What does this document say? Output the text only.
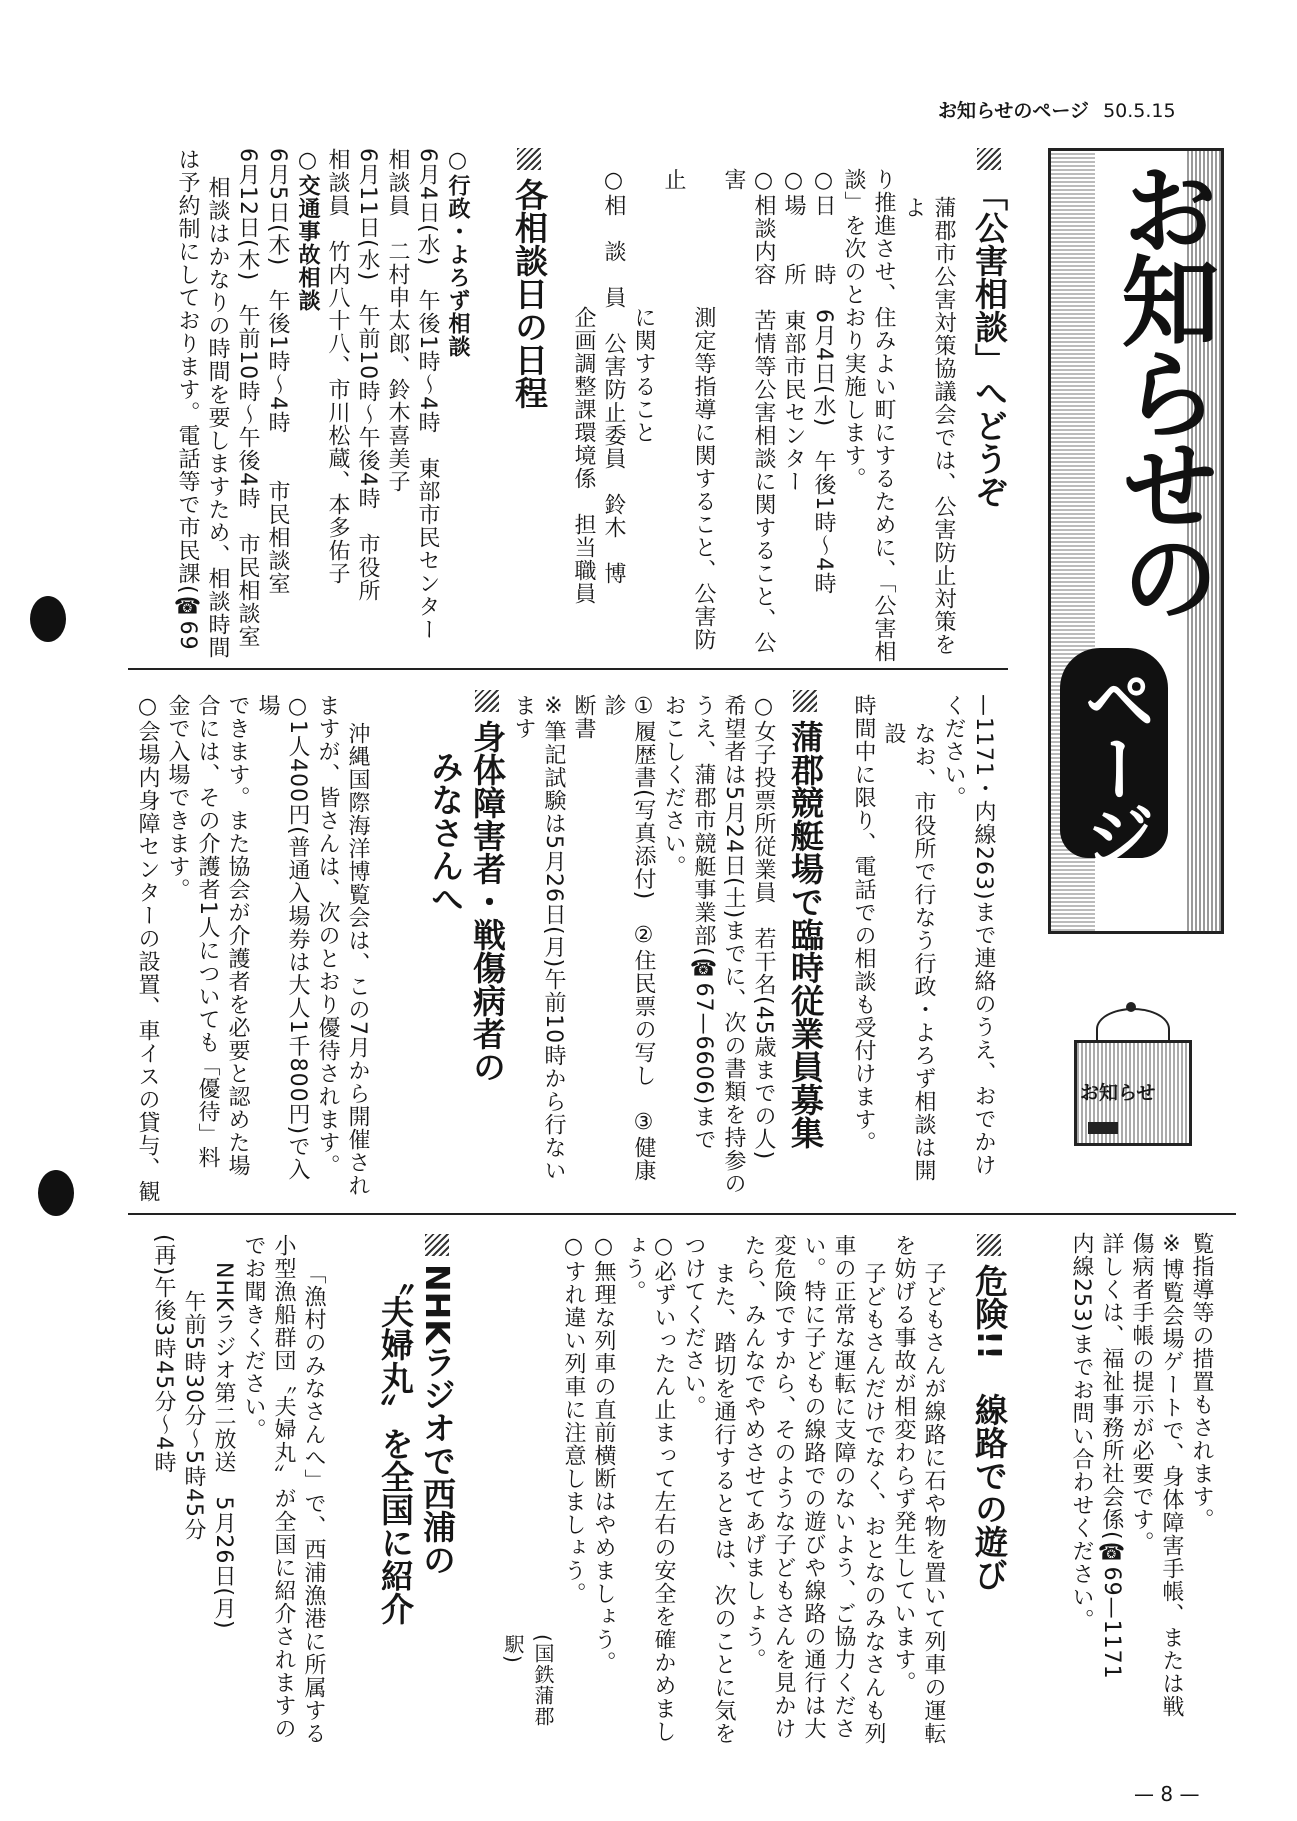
お知らせのページ 50.5.15
お知らせの
ページ
お知らせ
「公害相談」へどうぞ
蒲郡市公害対策協議会では、公害防止対策をよ
り推進させ、住みよい町にするために、「公害相
談」を次のとおり実施します。
○日　　時　6月4日(水)　午後1時〜4時
○場　　所　東部市民センター
○相談内容　苦情等公害相談に関すること、公害
　　　　　　測定等指導に関すること、公害防止
　　　　　　に関すること
○相　談　員　公害防止委員　鈴木　博
　　　　　　企画調整課環境係　担当職員
各相談日の日程
○行政・よろず相談
6月4日(水)　午後1時〜4時　東部市民センター
相談員　二村申太郎、鈴木喜美子
6月11日(水)　午前10時〜午後4時　市役所
相談員　竹内八十八、市川松蔵、本多佑子
○交通事故相談
6月5日(木)　午後1時〜4時　　市民相談室
6月12日(木)　午前10時〜午後4時　市民相談室
相談はかなりの時間を要しますため、相談時間
は予約制にしております。電話等で市民課(☎69
—1171・内線263)まで連絡のうえ、おでかけ
ください。
なお、市役所で行なう行政・よろず相談は開設
時間中に限り、電話での相談も受付けます。
蒲郡競艇場で臨時従業員募集
○女子投票所従業員　若干名(45歳までの人)
希望者は5月24日(土)までに、次の書類を持参の
うえ、蒲郡市競艇事業部(☎67—6606)まで
おこしください。
①履歴書(写真添付)　②住民票の写し　③健康診
断書
※筆記試験は5月26日(月)午前10時から行ないます
身体障害者・戦傷病者の
みなさんへ
沖縄国際海洋博覧会は、この7月から開催され
ますが、皆さんは、次のとおり優待されます。
○1人400円(普通入場券は大人1千800円)で入場
できます。また協会が介護者を必要と認めた場
合には、その介護者1人についても「優待」料
金で入場できます。
○会場内身障センターの設置、車イスの貸与、観
覧指導等の措置もされます。
※博覧会場ゲートで、身体障害手帳、または戦
傷病者手帳の提示が必要です。
詳しくは、福祉事務所社会係(☎69—1171
内線253)までお問い合わせください。
危険!!　線路での遊び
子どもさんが線路に石や物を置いて列車の運転
を妨げる事故が相変わらず発生しています。
子どもさんだけでなく、おとなのみなさんも列
車の正常な運転に支障のないよう、ご協力くださ
い。特に子どもの線路での遊びや線路の通行は大
変危険ですから、そのような子どもさんを見かけ
たら、みんなでやめさせてあげましょう。
また、踏切を通行するときは、次のことに気を
つけてください。
○必ずいったん止まって左右の安全を確かめまし
ょう。
○無理な列車の直前横断はやめましょう。
○すれ違い列車に注意しましょう。
(国鉄蒲郡駅)
NHKラジオで西浦の
〝夫婦丸〟を全国に紹介
「漁村のみなさんへ」で、西浦漁港に所属する
小型漁船群団〝夫婦丸〟が全国に紹介されますの
でお聞きください。
NHKラジオ第二放送　5月26日(月)
午前5時30分〜5時45分
(再)午後3時45分〜4時
— 8 —
